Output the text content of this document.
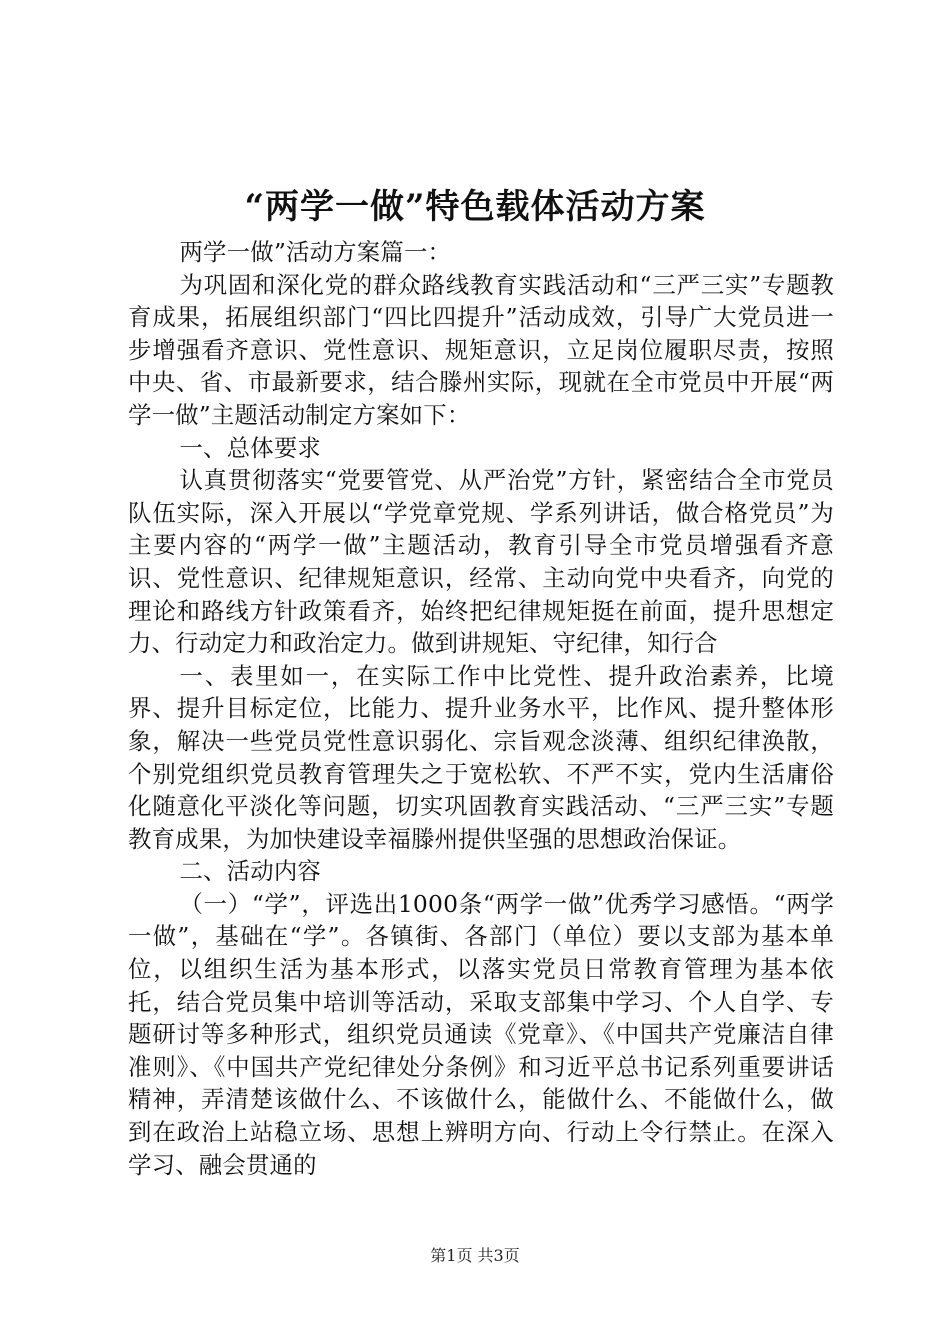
“两学一做”特色载体活动方案

两学一做”活动方案篇一：

为巩固和深化党的群众路线教育实践活动和“三严三实”专题教育成果，拓展组织部门“四比四提升”活动成效，引导广大党员进一步增强看齐意识、党性意识、规矩意识，立足岗位履职尽责，按照中央、省、市最新要求，结合滕州实际，现就在全市党员中开展“两学一做”主题活动制定方案如下：

一、总体要求

认真贯彻落实“党要管党、从严治党”方针，紧密结合全市党员队伍实际，深入开展以“学党章党规、学系列讲话，做合格党员”为主要内容的“两学一做”主题活动，教育引导全市党员增强看齐意识、党性意识、纪律规矩意识，经常、主动向党中央看齐，向党的理论和路线方针政策看齐，始终把纪律规矩挺在前面，提升思想定力、行动定力和政治定力。做到讲规矩、守纪律，知行合

一、表里如一，在实际工作中比党性、提升政治素养，比境界、提升目标定位，比能力、提升业务水平，比作风、提升整体形象，解决一些党员党性意识弱化、宗旨观念淡薄、组织纪律涣散，个别党组织党员教育管理失之于宽松软、不严不实，党内生活庸俗化随意化平淡化等问题，切实巩固教育实践活动、“三严三实”专题教育成果，为加快建设幸福滕州提供坚强的思想政治保证。

二、活动内容

（一）“学”，评选出1000条“两学一做”优秀学习感悟。“两学一做”，基础在“学”。各镇街、各部门（单位）要以支部为基本单位，以组织生活为基本形式，以落实党员日常教育管理为基本依托，结合党员集中培训等活动，采取支部集中学习、个人自学、专题研讨等多种形式，组织党员通读《党章》、《中国共产党廉洁自律准则》、《中国共产党纪律处分条例》和习近平总书记系列重要讲话精神，弄清楚该做什么、不该做什么，能做什么、不能做什么，做到在政治上站稳立场、思想上辨明方向、行动上令行禁止。在深入学习、融会贯通的

第1页 共3页
